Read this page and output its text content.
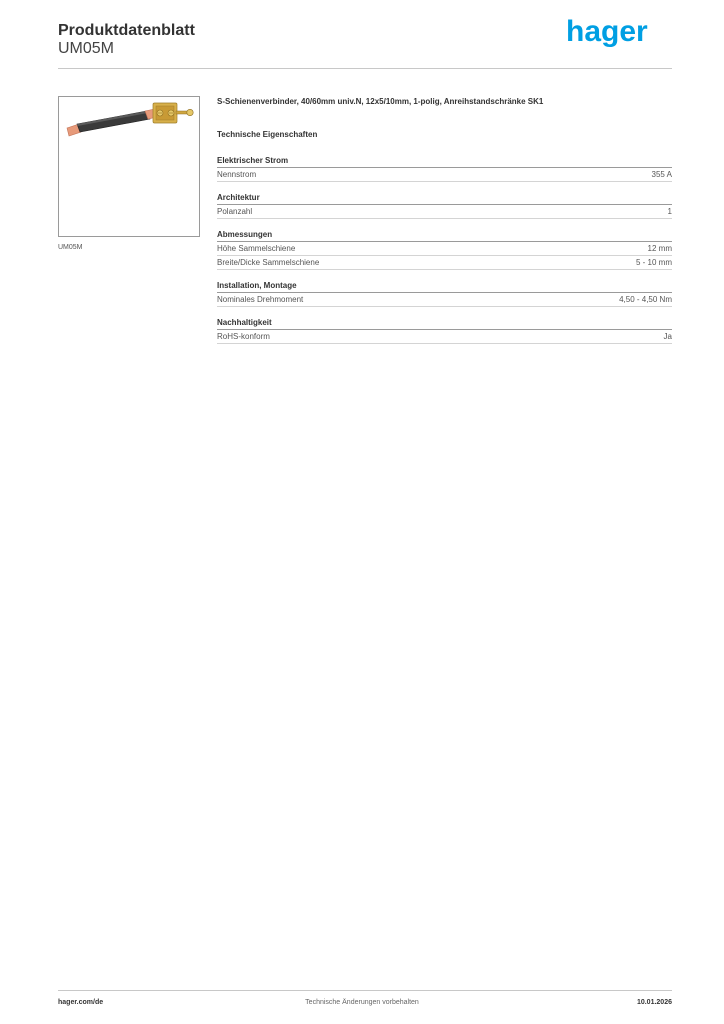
Produktdatenblatt
UM05M
hager
UM05M
S-Schienenverbinder, 40/60mm univ.N, 12x5/10mm, 1-polig, Anreihstandschränke SK1
Technische Eigenschaften
Elektrischer Strom
Nennstrom	355 A
Architektur
Polanzahl	1
Abmessungen
Höhe Sammelschiene	12 mm
Breite/Dicke Sammelschiene	5 - 10 mm
Installation, Montage
Nominales Drehmoment	4,50 - 4,50 Nm
Nachhaltigkeit
RoHS-konform	Ja
hager.com/de	Technische Änderungen vorbehalten	10.01.2026
